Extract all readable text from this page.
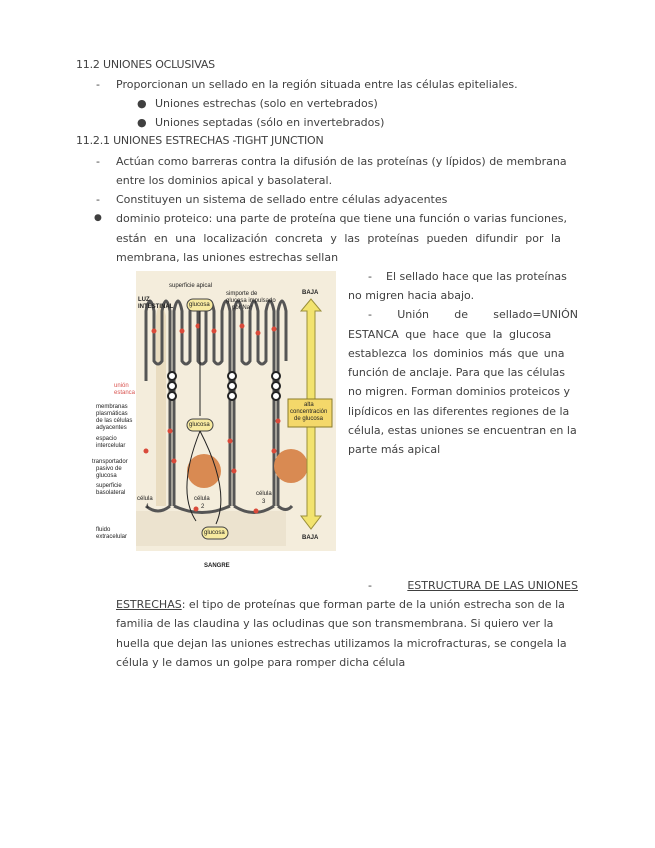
11.2 UNIONES OCLUSIVAS
- Proporcionan un sellado en la región situada entre las células epiteliales.
● Uniones estrechas (solo en vertebrados)
● Uniones septadas (sólo en invertebrados)
11.2.1 UNIONES ESTRECHAS -TIGHT JUNCTION
- Actúan como barreras contra la difusión de las proteínas (y lípidos) de membrana
entre los dominios apical y basolateral.
- Constituyen un sistema de sellado entre células adyacentes
● dominio proteico: una parte de proteína que tiene una función o varias funciones,
están en una localización concreta y las proteínas pueden difundir por la
membrana, las uniones estrechas sellan
superficie apical
LUZ
INTESTINAL	glucosa
simporte de
glucosa impulsado
por Na⁺
unión
estanca
membranas
plasmáticas
de las células
adyacentes
espacio
intercelular
transportador
pasivo de
glucosa
superficie
basolateral
célula
1
célula
2
célula
3
glucosa
glucosa
fluido
extracelular
SANGRE
BAJA
BAJA
alta
concentración
de glucosa
- El sellado hace que las proteínas
no migren hacia abajo.
- Unión de sellado=UNIÓN
ESTANCA que hace que la glucosa
establezca los dominios más que una
función de anclaje. Para que las células
no migren. Forman dominios proteicos y
lipídicos en las diferentes regiones de la
célula, estas uniones se encuentran en la
parte más apical
-	ESTRUCTURA DE LAS UNIONES
ESTRECHAS: el tipo de proteínas que forman parte de la unión estrecha son de la
familia de las claudina y las ocludinas que son transmembrana. Si quiero ver la
huella que dejan las uniones estrechas utilizamos la microfracturas, se congela la
célula y le damos un golpe para romper dicha célula
